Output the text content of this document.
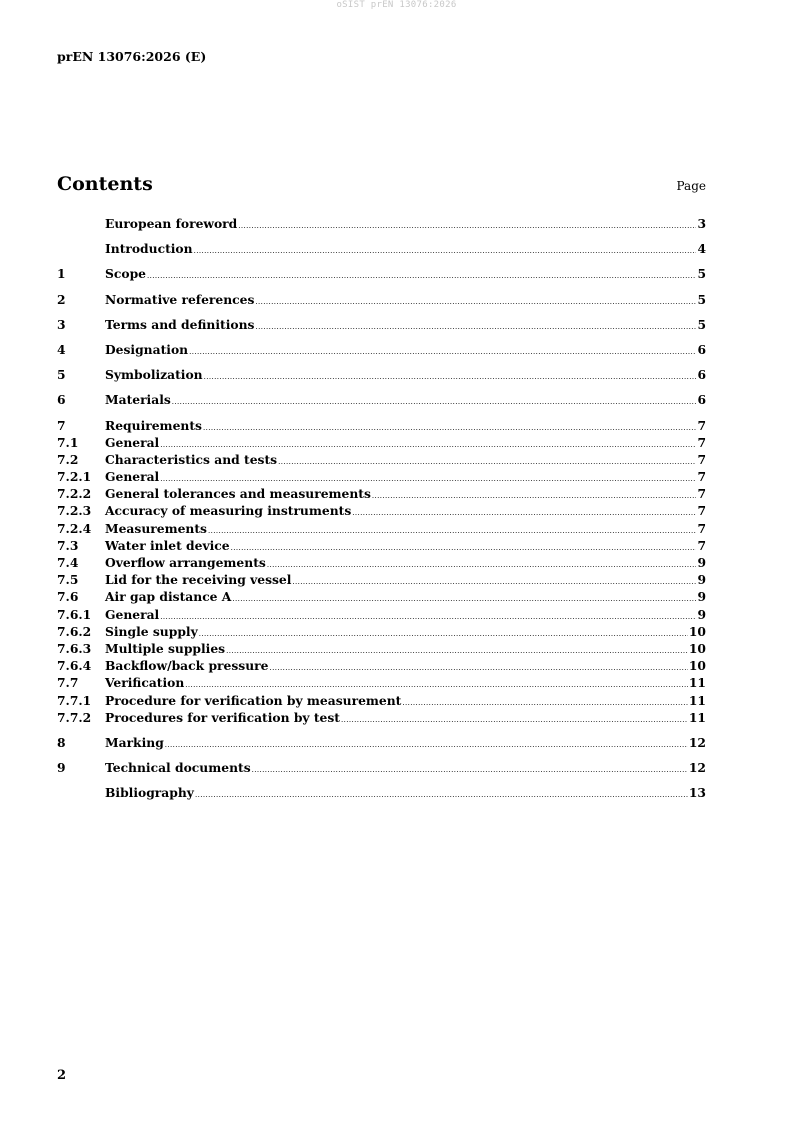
oSIST prEN 13076:2026
prEN 13076:2026 (E)
Contents	Page
European foreword .....	3
Introduction .....	4
1	Scope .....	5
2	Normative references .....	5
3	Terms and definitions .....	5
4	Designation .....	6
5	Symbolization .....	6
6	Materials .....	6
7	Requirements .....	7
7.1	General .....	7
7.2	Characteristics and tests .....	7
7.2.1	General .....	7
7.2.2	General tolerances and measurements .....	7
7.2.3	Accuracy of measuring instruments .....	7
7.2.4	Measurements .....	7
7.3	Water inlet device .....	7
7.4	Overflow arrangements .....	9
7.5	Lid for the receiving vessel .....	9
7.6	Air gap distance A .....	9
7.6.1	General .....	9
7.6.2	Single supply .....	10
7.6.3	Multiple supplies .....	10
7.6.4	Backflow/back pressure .....	10
7.7	Verification .....	11
7.7.1	Procedure for verification by measurement .....	11
7.7.2	Procedures for verification by test .....	11
8	Marking .....	12
9	Technical documents .....	12
Bibliography .....	13
2
